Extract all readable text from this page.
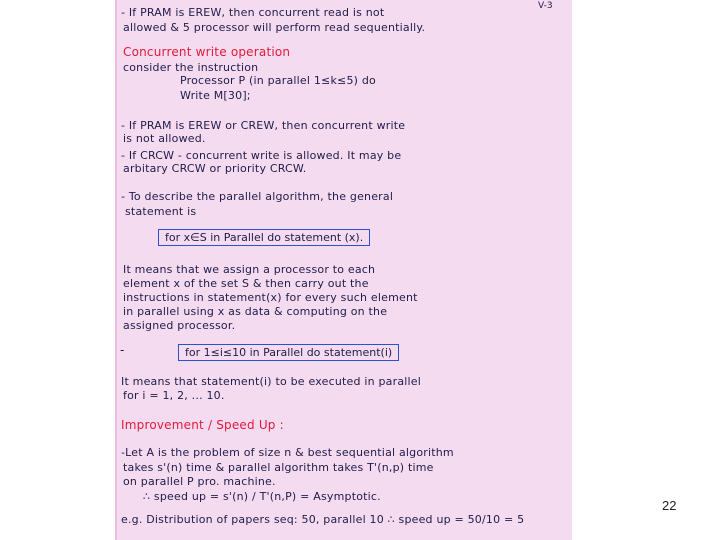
V-3
- If PRAM is EREW, then concurrent read is not
allowed & 5 processor will perform read sequentially.
Concurrent write operation
consider the instruction
Processor P (in parallel 1≤k≤5) do
Write M[30];
- If PRAM is EREW or CREW, then concurrent write
is not allowed.
- If CRCW - concurrent write is allowed. It may be
arbitary CRCW or priority CRCW.
- To describe the parallel algorithm, the general
statement is
for x∈S in Parallel do statement (x).
It means that we assign a processor to each
element x of the set S & then carry out the
instructions in statement(x) for every such element
in parallel using x as data & computing on the
assigned processor.
-	for 1≤i≤10 in Parallel do statement(i)
It means that statement(i) to be executed in parallel
for i = 1, 2, ... 10.
Improvement / Speed Up :
-Let A is the problem of size n & best sequential algorithm
takes s'(n) time & parallel algorithm takes T'(n,p) time
on parallel P pro. machine.
∴ speed up = s'(n) / T'(n,P) = Asymptotic.
e.g. Distribution of papers seq: 50, parallel 10 ∴ speed up = 50/10 = 5
22
